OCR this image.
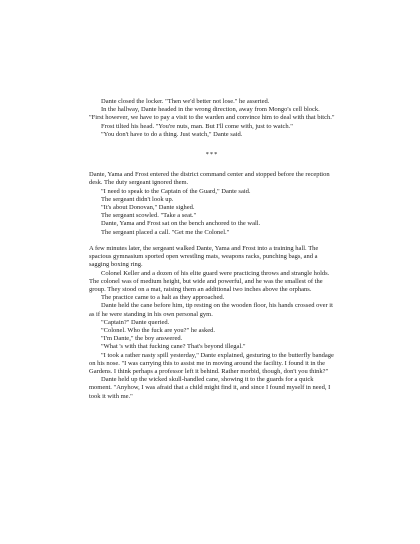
Dante closed the locker. "Then we'd better not lose." he asserted.

In the hallway, Dante headed in the wrong direction, away from Mongo's cell block. "First however, we have to pay a visit to the warden and convince him to deal with that bitch."

Frost tilted his head. "You're nuts, man. But I'll come with, just to watch."

"You don't have to do a thing. Just watch," Dante said.

***

Dante, Yama and Frost entered the district command center and stopped before the reception desk. The duty sergeant ignored them.

"I need to speak to the Captain of the Guard," Dante said.

The sergeant didn't look up.

"It's about Donovan," Dante sighed.

The sergeant scowled. "Take a seat."

Dante, Yama and Frost sat on the bench anchored to the wall.

The sergeant placed a call. "Get me the Colonel."

A few minutes later, the sergeant walked Dante, Yama and Frost into a training hall. The spacious gymnasium sported open wrestling mats, weapons racks, punching bags, and a sagging boxing ring.

Colonel Keller and a dozen of his elite guard were practicing throws and strangle holds. The colonel was of medium height, but wide and powerful, and he was the smallest of the group. They stood on a mat, raising them an additional two inches above the orphans.

The practice came to a halt as they approached.

Dante held the cane before him, tip resting on the wooden floor, his hands crossed over it as if he were standing in his own personal gym.

"Captain?" Dante queried.

"Colonel. Who the fuck are you?" he asked.

"I'm Dante," the boy answered.

"What 's with that fucking cane? That's beyond illegal."

"I took a rather nasty spill yesterday," Dante explained, gesturing to the butterfly bandage on his nose. "I was carrying this to assist me in moving around the facility. I found it in the Gardens. I think perhaps a professor left it behind. Rather morbid, though, don't you think?"

Dante held up the wicked skull-handled cane, showing it to the guards for a quick moment. "Anyhow, I was afraid that a child might find it, and since I found myself in need, I took it with me."
